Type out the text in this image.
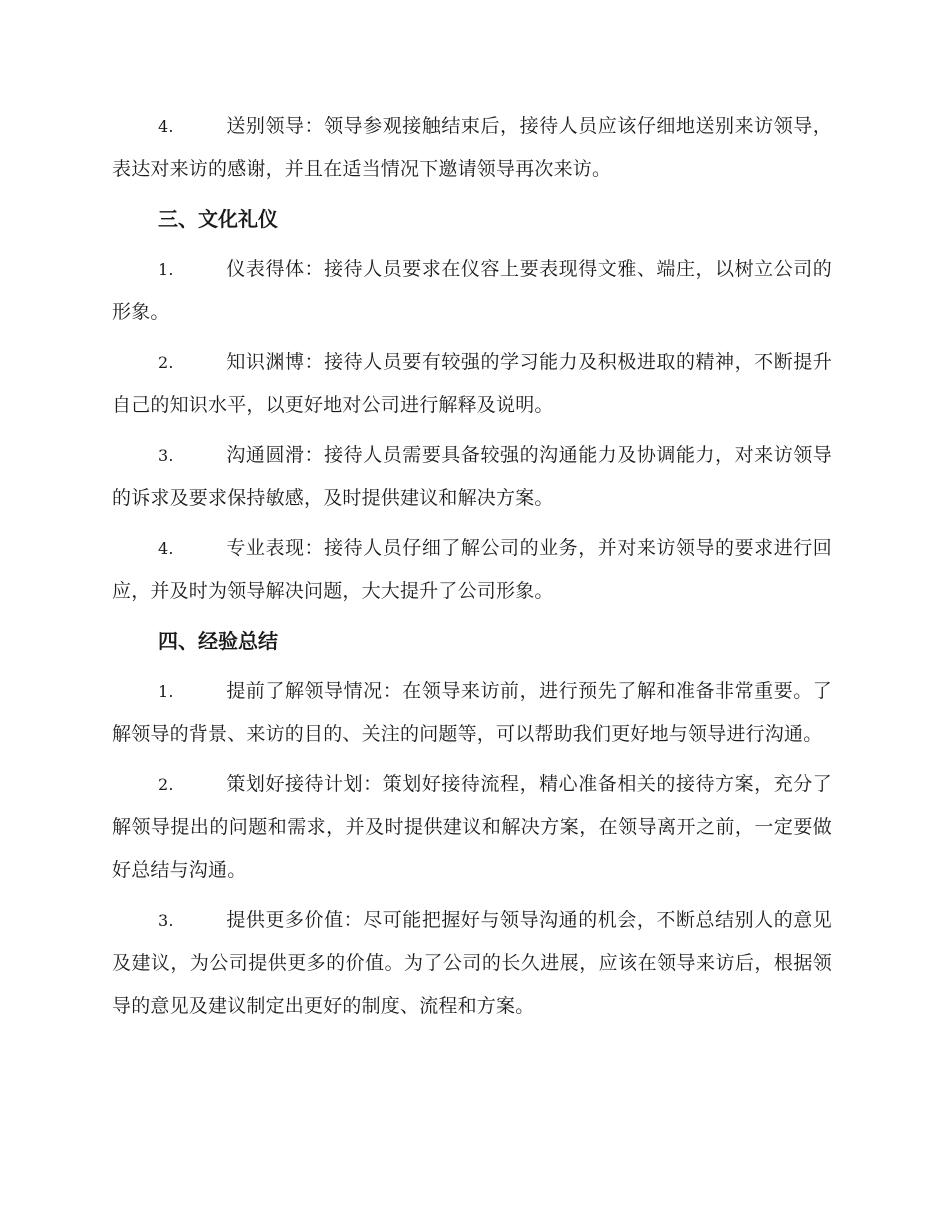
4.	送别领导：领导参观接触结束后，接待人员应该仔细地送别来访领导，表达对来访的感谢，并且在适当情况下邀请领导再次来访。

三、文化礼仪

1.	仪表得体：接待人员要求在仪容上要表现得文雅、端庄，以树立公司的形象。

2.	知识渊博：接待人员要有较强的学习能力及积极进取的精神，不断提升自己的知识水平，以更好地对公司进行解释及说明。

3.	沟通圆滑：接待人员需要具备较强的沟通能力及协调能力，对来访领导的诉求及要求保持敏感，及时提供建议和解决方案。

4.	专业表现：接待人员仔细了解公司的业务，并对来访领导的要求进行回应，并及时为领导解决问题，大大提升了公司形象。

四、经验总结

1.	提前了解领导情况：在领导来访前，进行预先了解和准备非常重要。了解领导的背景、来访的目的、关注的问题等，可以帮助我们更好地与领导进行沟通。

2.	策划好接待计划：策划好接待流程，精心准备相关的接待方案，充分了解领导提出的问题和需求，并及时提供建议和解决方案，在领导离开之前，一定要做好总结与沟通。

3.	提供更多价值：尽可能把握好与领导沟通的机会，不断总结别人的意见及建议，为公司提供更多的价值。为了公司的长久进展，应该在领导来访后，根据领导的意见及建议制定出更好的制度、流程和方案。
